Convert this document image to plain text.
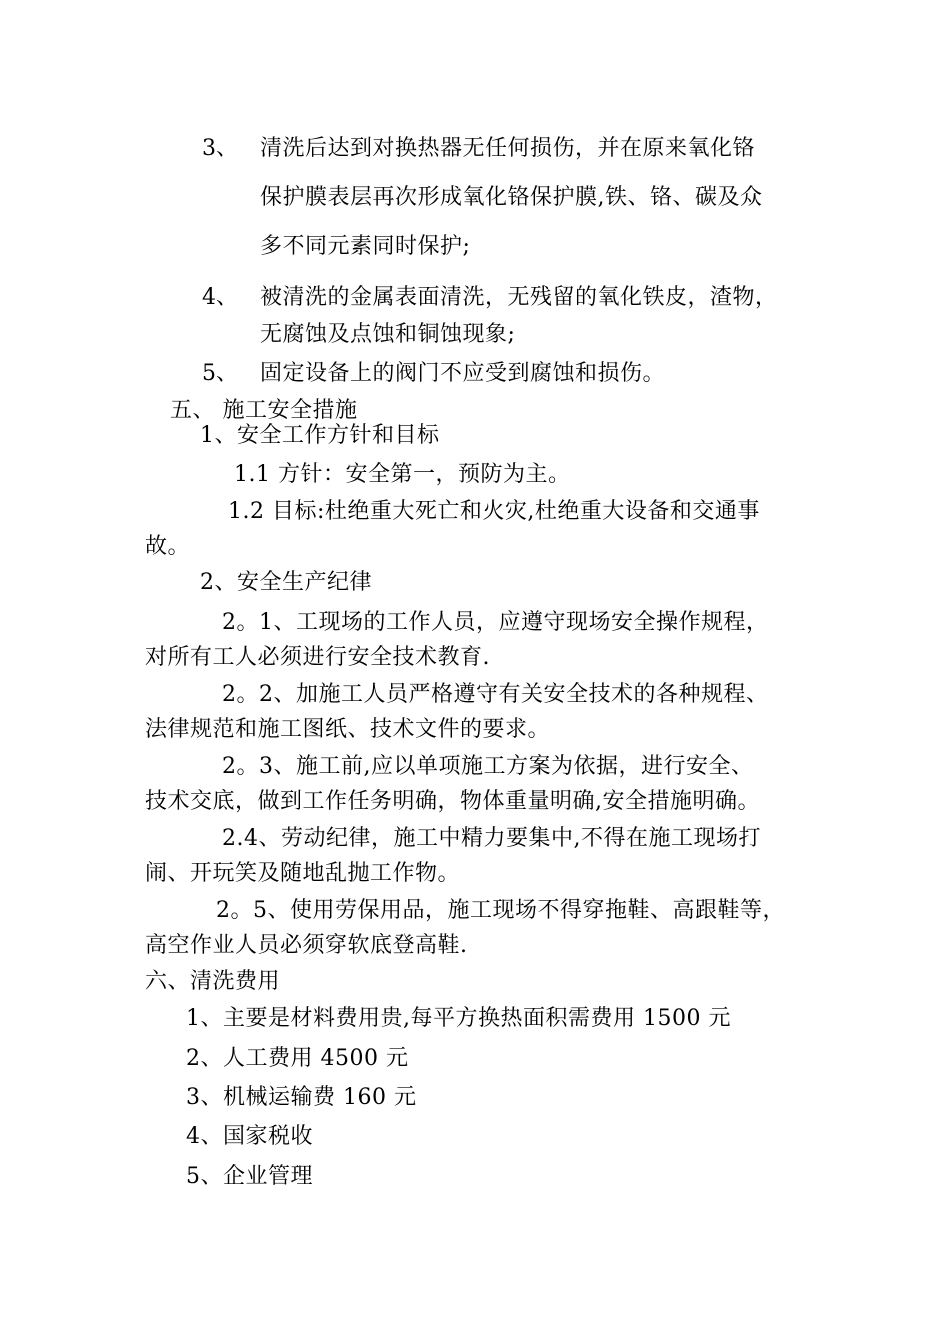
3、 清洗后达到对换热器无任何损伤，并在原来氧化铬

保护膜表层再次形成氧化铬保护膜,铁、铬、碳及众

多不同元素同时保护;

4、 被清洗的金属表面清洗，无残留的氧化铁皮，渣物，

无腐蚀及点蚀和铜蚀现象;

5、 固定设备上的阀门不应受到腐蚀和损伤。

五、 施工安全措施

1、安全工作方针和目标

1.1 方针：安全第一，预防为主。

1.2 目标:杜绝重大死亡和火灾,杜绝重大设备和交通事

故。

2、安全生产纪律

2。1、工现场的工作人员，应遵守现场安全操作规程，

对所有工人必须进行安全技术教育.

2。2、加施工人员严格遵守有关安全技术的各种规程、

法律规范和施工图纸、技术文件的要求。

2。3、施工前,应以单项施工方案为依据，进行安全、

技术交底，做到工作任务明确，物体重量明确,安全措施明确。

2.4、劳动纪律，施工中精力要集中,不得在施工现场打

闹、开玩笑及随地乱抛工作物。

2。5、使用劳保用品，施工现场不得穿拖鞋、高跟鞋等，

高空作业人员必须穿软底登高鞋.

六、清洗费用

1、主要是材料费用贵,每平方换热面积需费用 1500 元

2、人工费用 4500 元

3、机械运输费 160 元

4、国家税收

5、企业管理
